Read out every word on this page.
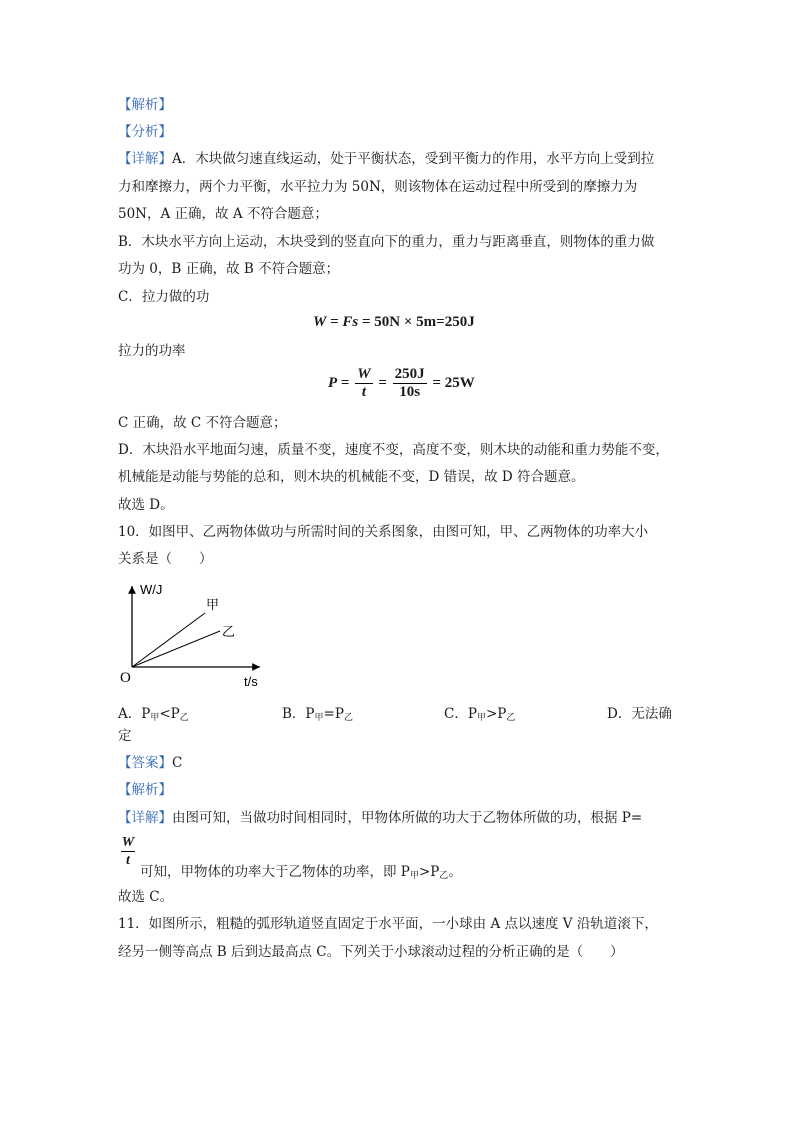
【解析】
【分析】
【详解】A．木块做匀速直线运动，处于平衡状态，受到平衡力的作用，水平方向上受到拉
力和摩擦力，两个力平衡，水平拉力为 50N，则该物体在运动过程中所受到的摩擦力为
50N，A 正确，故 A 不符合题意；
B．木块水平方向上运动，木块受到的竖直向下的重力，重力与距离垂直，则物体的重力做
功为 0，B 正确，故 B 不符合题意；
C．拉力做的功
W = Fs = 50N × 5m=250J
拉力的功率
$P = \frac{W}{t} = \frac{250J}{10s} = 25W$
C 正确，故 C 不符合题意；
D．木块沿水平地面匀速，质量不变，速度不变，高度不变，则木块的动能和重力势能不变，
机械能是动能与势能的总和，则木块的机械能不变，D 错误，故 D 符合题意。
故选 D。
10．如图甲、乙两物体做功与所需时间的关系图象，由图可知，甲、乙两物体的功率大小
关系是（　　）
W/J
t/s
O
甲
乙
A．P甲<P乙	B．P甲=P乙	C．P甲>P乙	D．无法确
定
【答案】C
【解析】
【详解】由图可知，当做功时间相同时，甲物体所做的功大于乙物体所做的功，根据 P=
$\frac{W}{t}$
可知，甲物体的功率大于乙物体的功率，即 P甲>P乙。
故选 C。
11．如图所示，粗糙的弧形轨道竖直固定于水平面，一小球由 A 点以速度 V 沿轨道滚下，
经另一侧等高点 B 后到达最高点 C。下列关于小球滚动过程的分析正确的是（　　）
